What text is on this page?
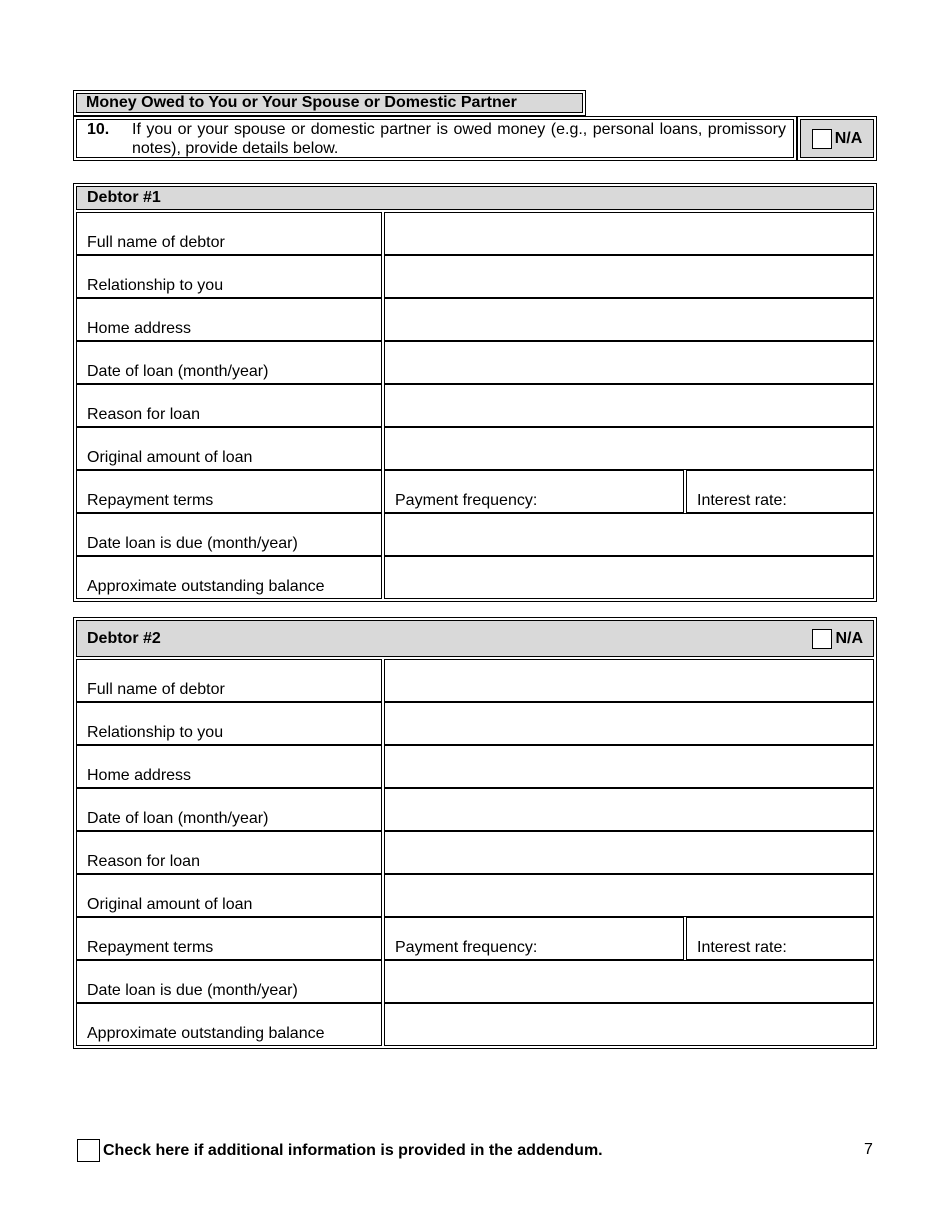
Money Owed to You or Your Spouse or Domestic Partner
10.	If you or your spouse or domestic partner is owed money (e.g., personal loans, promissory notes), provide details below.
N/A
Debtor #1
Full name of debtor
Relationship to you
Home address
Date of loan (month/year)
Reason for loan
Original amount of loan
Repayment terms	Payment frequency:	Interest rate:
Date loan is due (month/year)
Approximate outstanding balance
Debtor #2	N/A
Full name of debtor
Relationship to you
Home address
Date of loan (month/year)
Reason for loan
Original amount of loan
Repayment terms	Payment frequency:	Interest rate:
Date loan is due (month/year)
Approximate outstanding balance
Check here if additional information is provided in the addendum.	7
